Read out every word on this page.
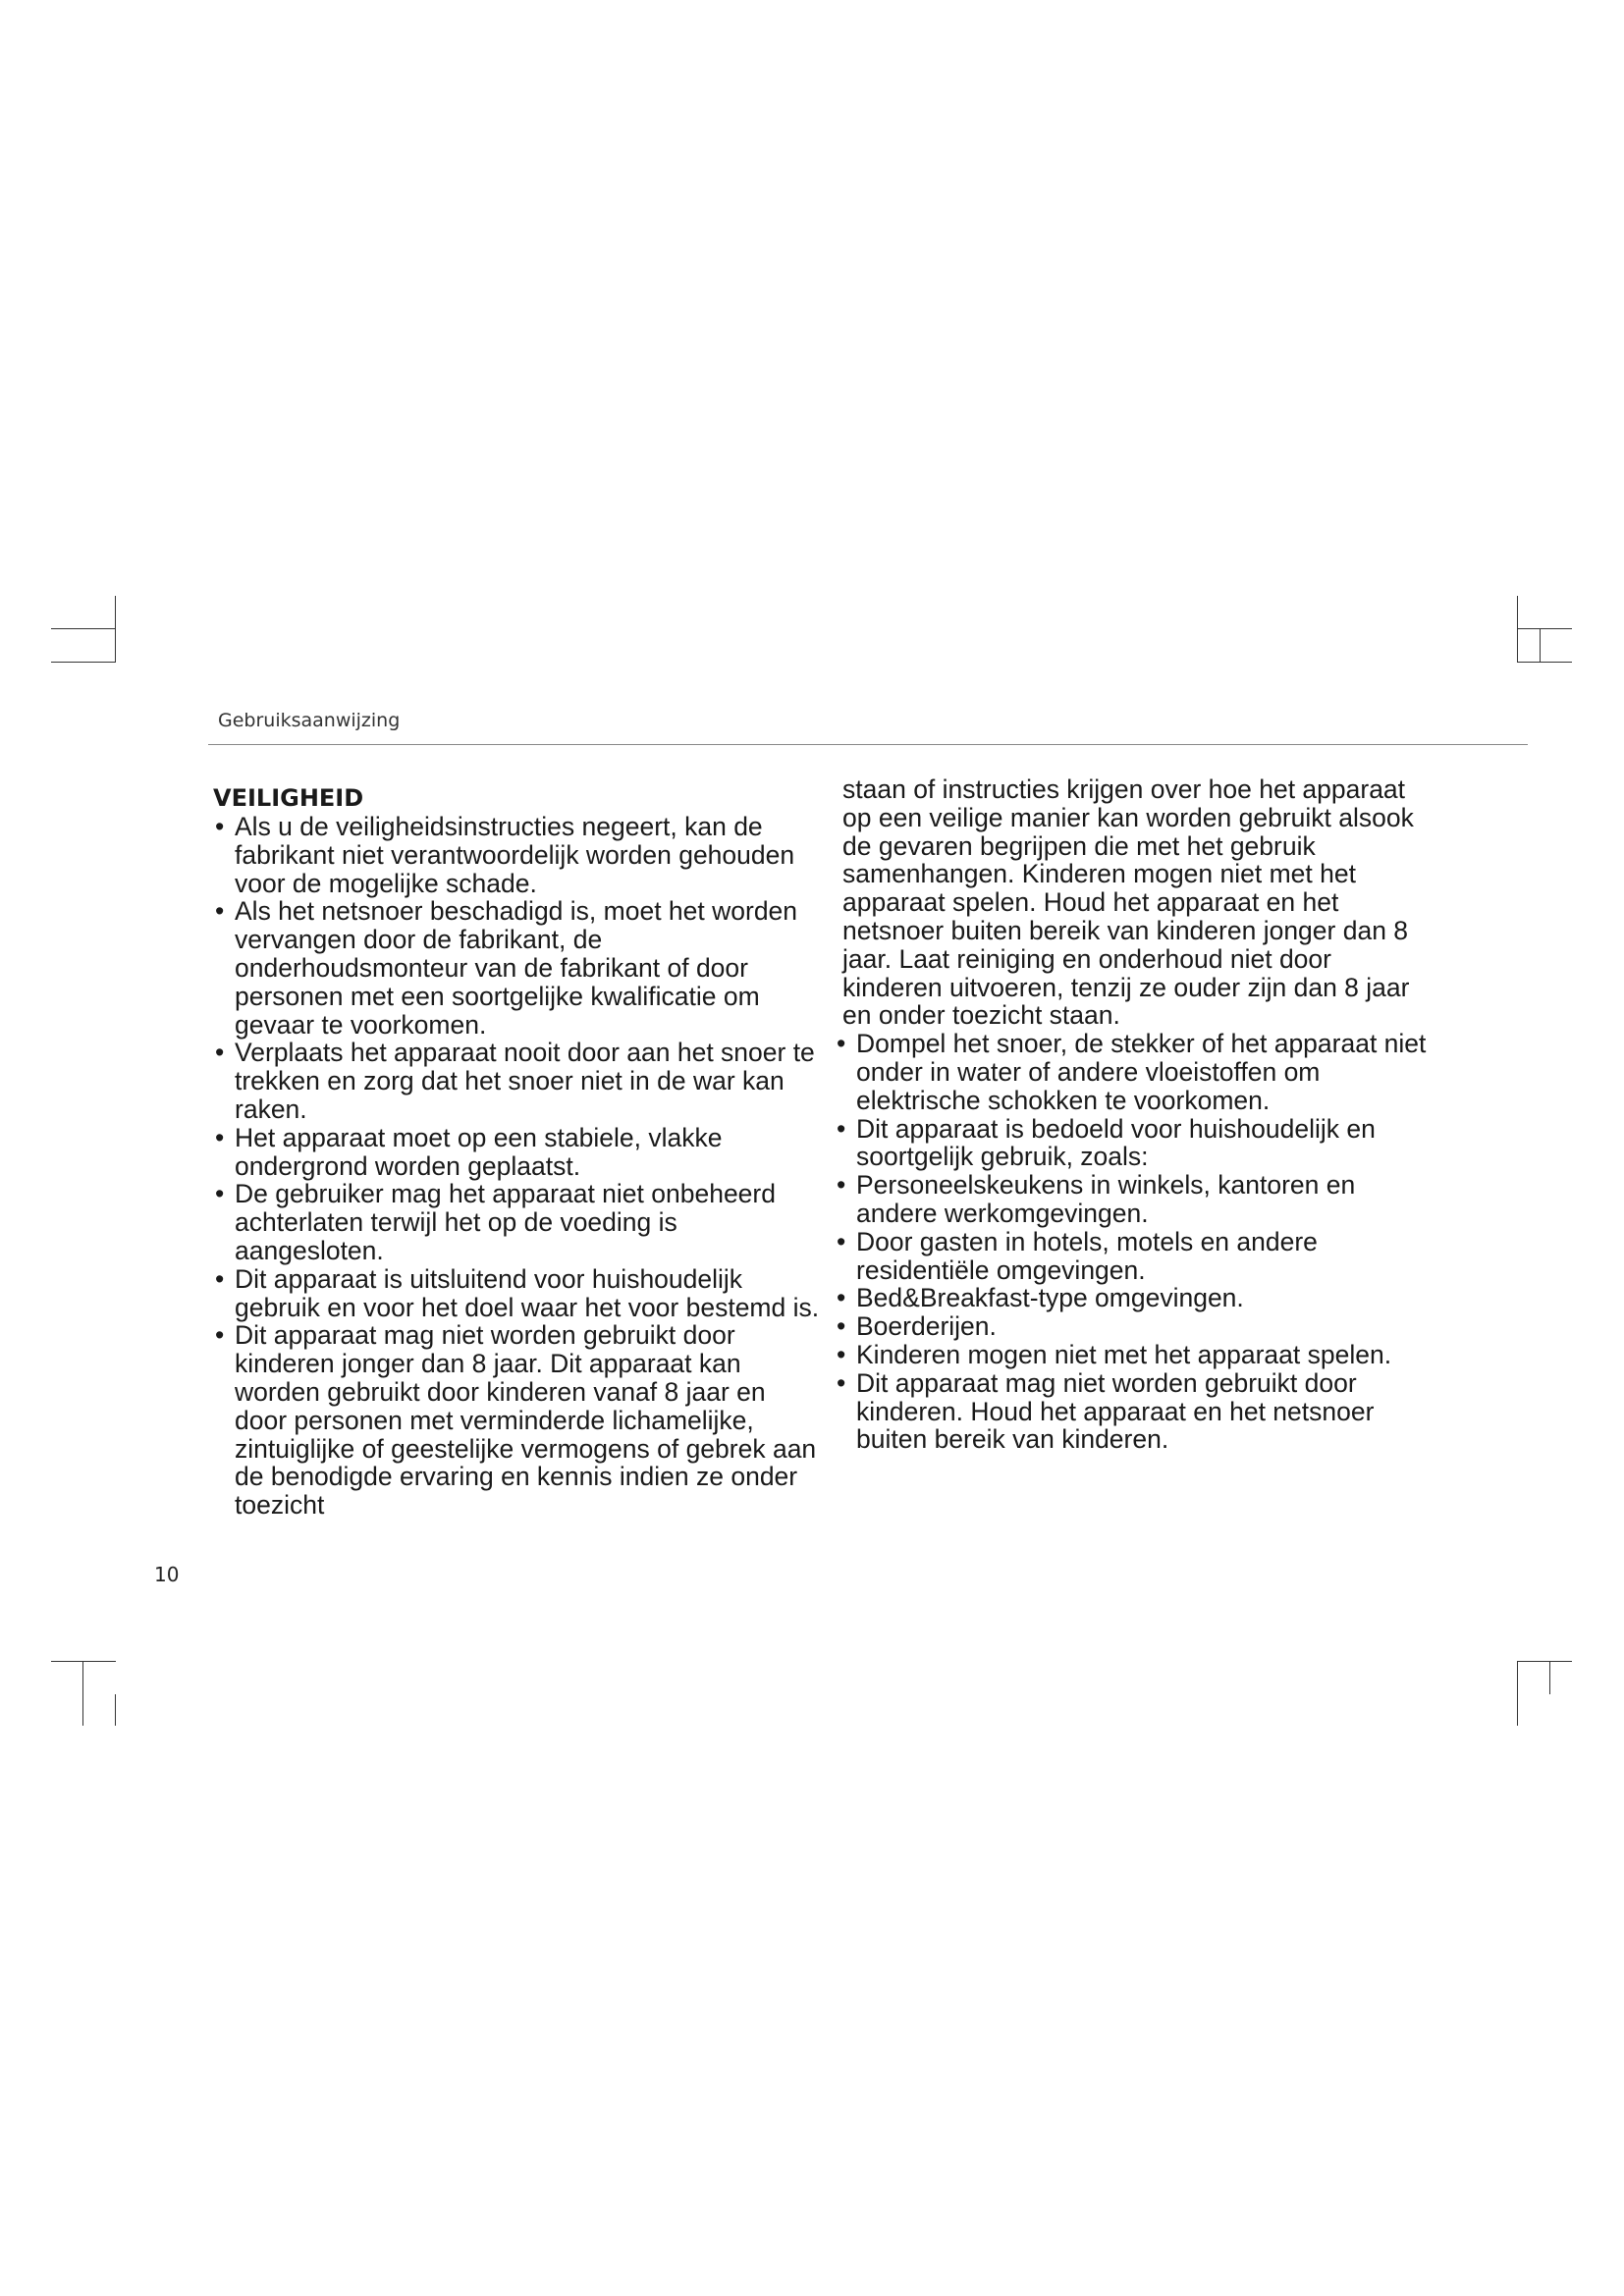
Gebruiksaanwijzing

VEILIGHEID

• Als u de veiligheidsinstructies negeert, kan de fabrikant niet verantwoordelijk worden gehouden voor de mogelijke schade.

• Als het netsnoer beschadigd is, moet het worden vervangen door de fabrikant, de onderhoudsmonteur van de fabrikant of door personen met een soortgelijke kwalificatie om gevaar te voorkomen.

• Verplaats het apparaat nooit door aan het snoer te trekken en zorg dat het snoer niet in de war kan raken.

• Het apparaat moet op een stabiele, vlakke ondergrond worden geplaatst.

• De gebruiker mag het apparaat niet onbeheerd achterlaten terwijl het op de voeding is aangesloten.

• Dit apparaat is uitsluitend voor huishoudelijk gebruik en voor het doel waar het voor bestemd is.

• Dit apparaat mag niet worden gebruikt door kinderen jonger dan 8 jaar. Dit apparaat kan worden gebruikt door kinderen vanaf 8 jaar en door personen met verminderde lichamelijke, zintuiglijke of geestelijke vermogens of gebrek aan de benodigde ervaring en kennis indien ze onder toezicht

staan of instructies krijgen over hoe het apparaat op een veilige manier kan worden gebruikt alsook de gevaren begrijpen die met het gebruik samenhangen. Kinderen mogen niet met het apparaat spelen. Houd het apparaat en het netsnoer buiten bereik van kinderen jonger dan 8 jaar. Laat reiniging en onderhoud niet door kinderen uitvoeren, tenzij ze ouder zijn dan 8 jaar en onder toezicht staan.

• Dompel het snoer, de stekker of het apparaat niet onder in water of andere vloeistoffen om elektrische schokken te voorkomen.

• Dit apparaat is bedoeld voor huishoudelijk en soortgelijk gebruik, zoals:

• Personeelskeukens in winkels, kantoren en andere werkomgevingen.

• Door gasten in hotels, motels en andere residentiële omgevingen.

• Bed&Breakfast-type omgevingen.

• Boerderijen.

• Kinderen mogen niet met het apparaat spelen.

• Dit apparaat mag niet worden gebruikt door kinderen. Houd het apparaat en het netsnoer buiten bereik van kinderen.

10
